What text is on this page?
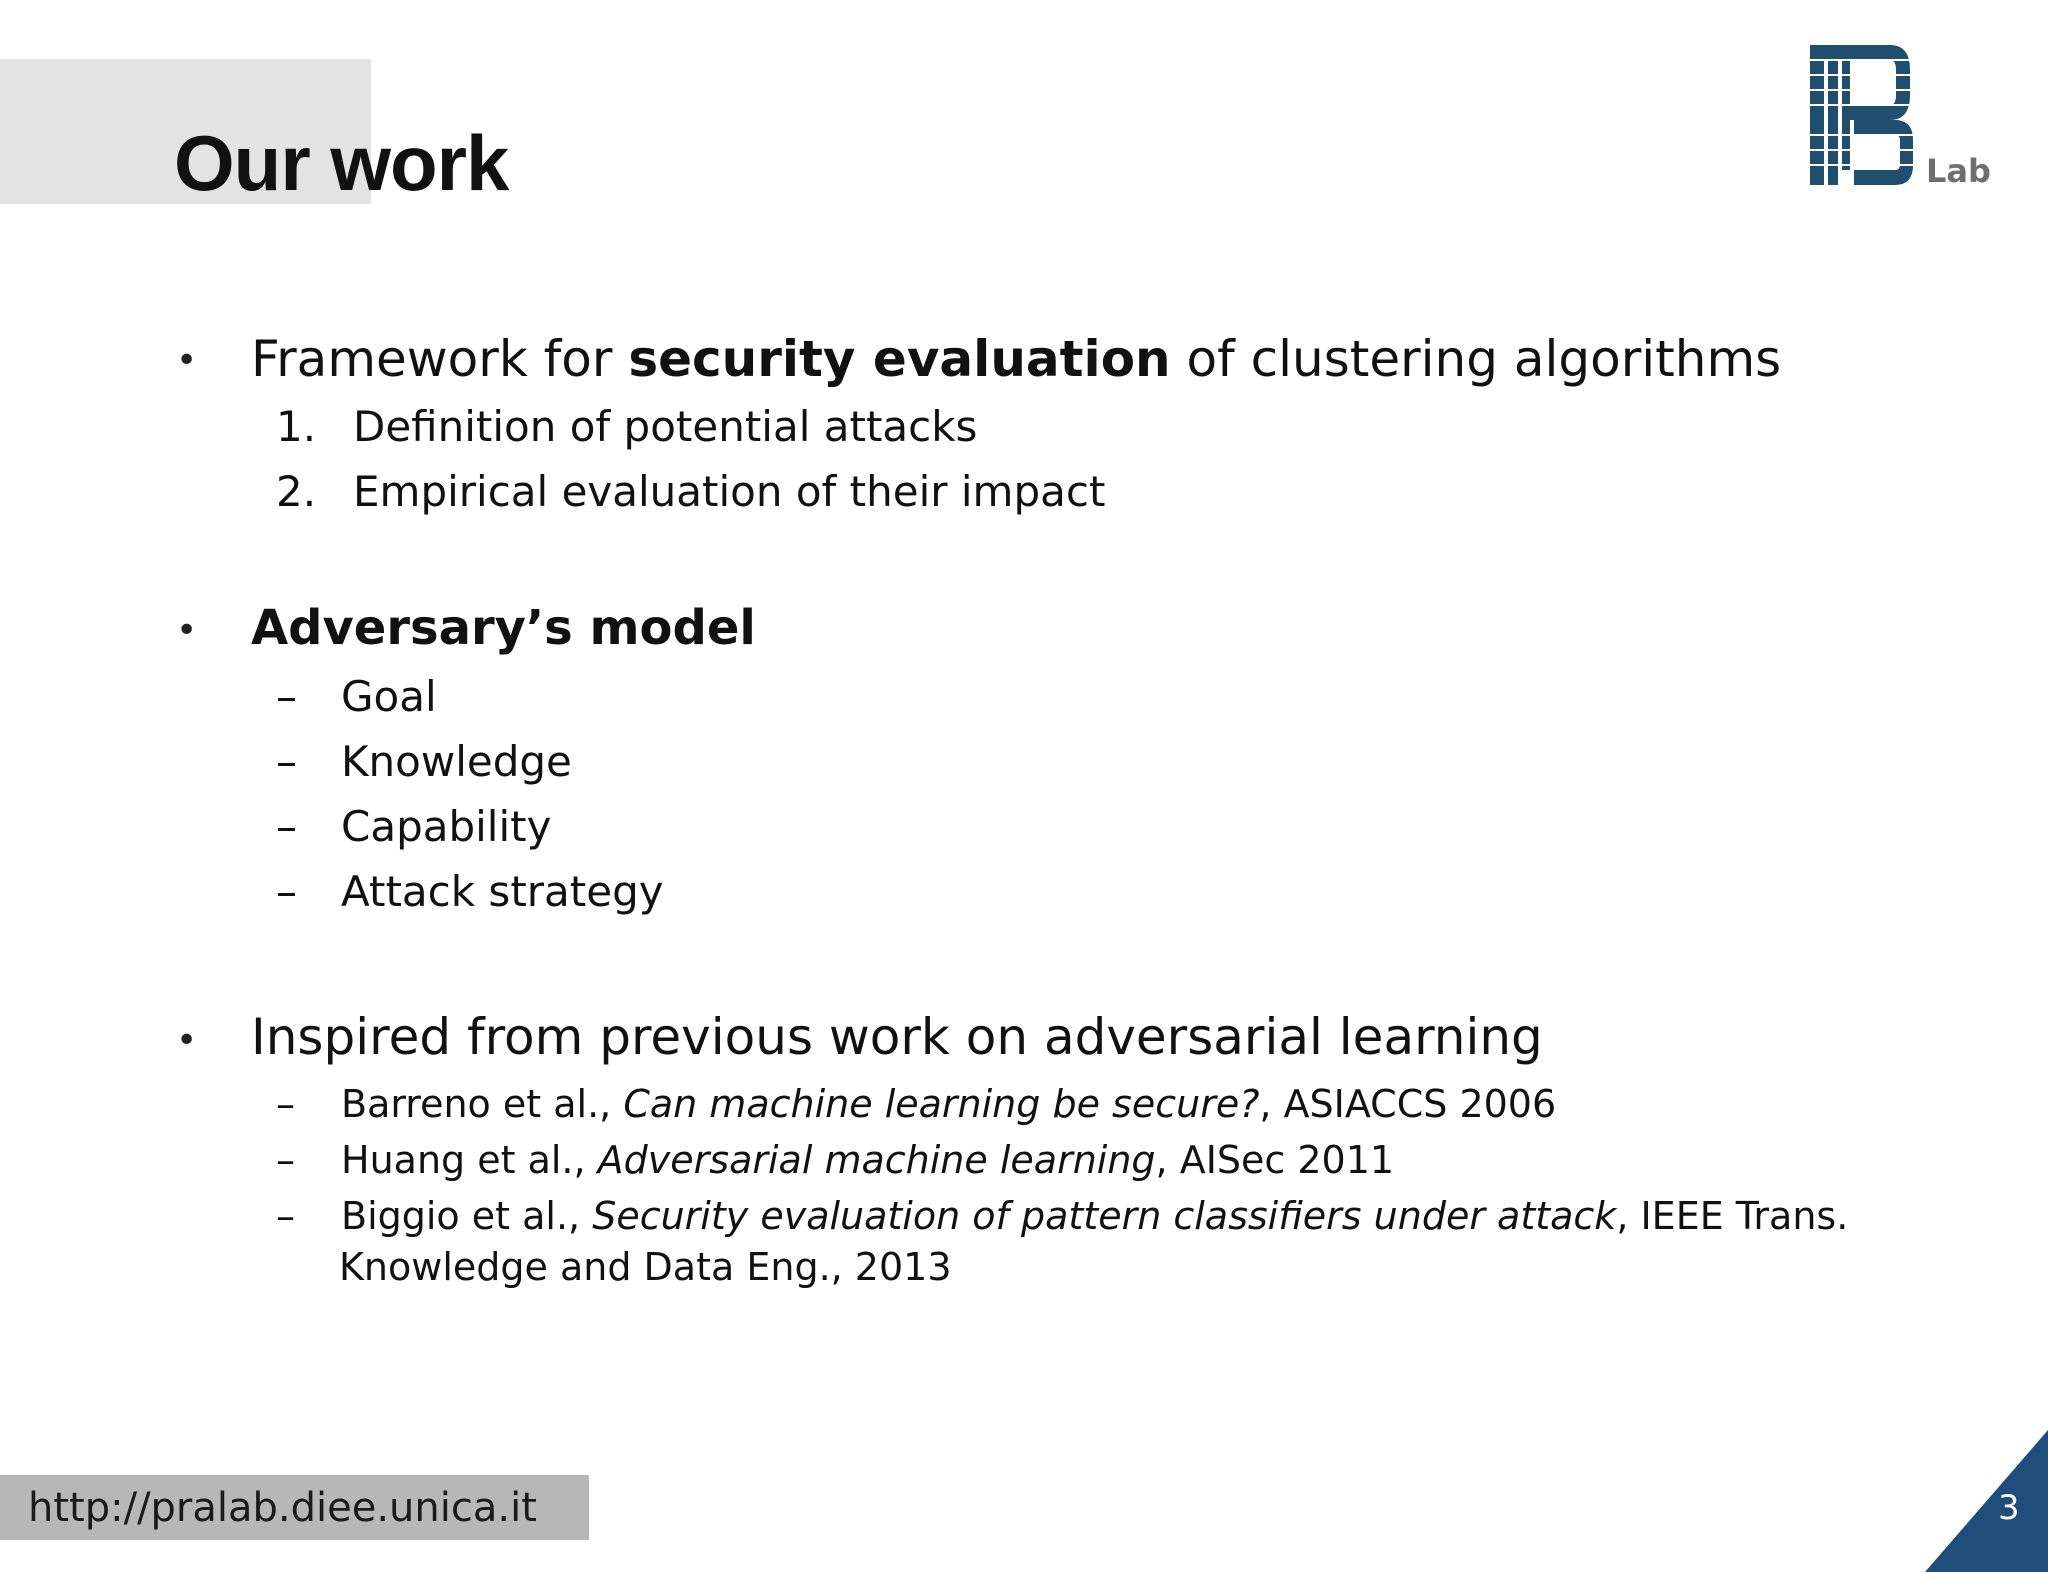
Our work	Lab
• Framework for security evaluation of clustering algorithms
1. Definition of potential attacks
2. Empirical evaluation of their impact
• Adversary’s model
– Goal
– Knowledge
– Capability
– Attack strategy
• Inspired from previous work on adversarial learning
– Barreno et al., Can machine learning be secure?, ASIACCS 2006
– Huang et al., Adversarial machine learning, AISec 2011
– Biggio et al., Security evaluation of pattern classifiers under attack, IEEE Trans.
Knowledge and Data Eng., 2013
http://pralab.diee.unica.it	3
